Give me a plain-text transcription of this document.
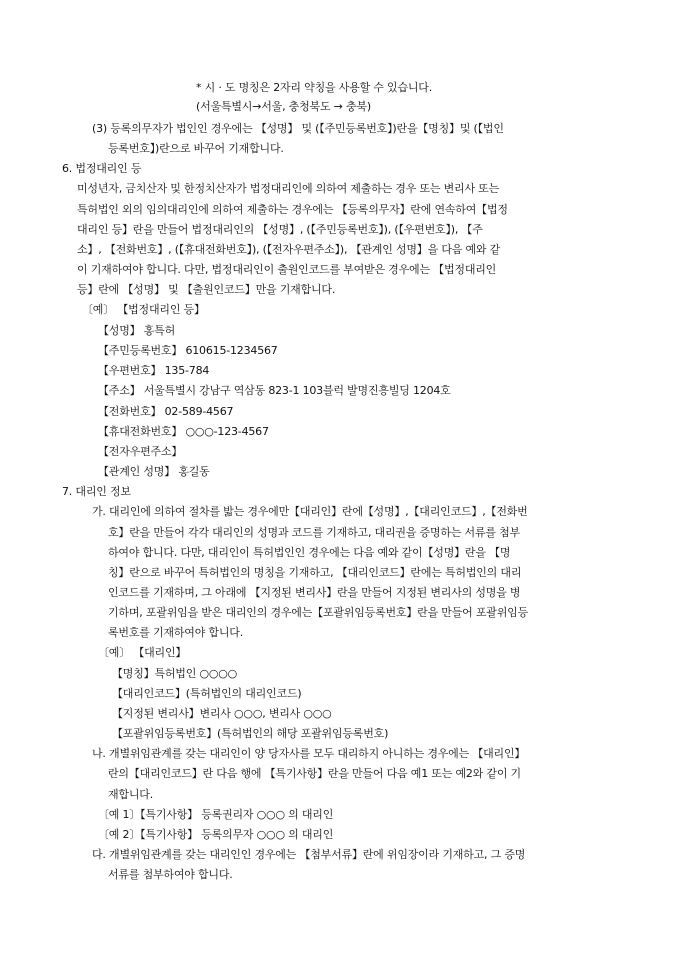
* 시 · 도 명칭은 2자리 약칭을 사용할 수 있습니다.
(서울특별시→서울, 충청북도 → 충북)
(3) 등록의무자가 법인인 경우에는 【성명】 및 (【주민등록번호】)란을【명칭】및 (【법인
등록번호】)란으로 바꾸어 기재합니다.
6. 법정대리인 등
미성년자, 금치산자 및 한정치산자가 법정대리인에 의하여 제출하는 경우 또는 변리사 또는
특허법인 외의 임의대리인에 의하여 제출하는 경우에는 【등록의무자】란에 연속하여【법정
대리인 등】란을 만들어 법정대리인의 【성명】, (【주민등록번호】), (【우편번호】), 【주
소】, 【전화번호】, (【휴대전화번호】), (【전자우편주소】), 【관계인 성명】을 다음 예와 같
이 기재하여야 합니다. 다만, 법정대리인이 출원인코드를 부여받은 경우에는 【법정대리인
등】란에 【성명】 및 【출원인코드】만을 기재합니다.
〔예〕 【법정대리인 등】
【성명】 홍특허
【주민등록번호】 610615-1234567
【우편번호】 135-784
【주소】 서울특별시 강남구 역삼동 823-1 103블럭 발명진흥빌딩 1204호
【전화번호】 02-589-4567
【휴대전화번호】 ○○○-123-4567
【전자우편주소】
【관계인 성명】 홍길동
7. 대리인 정보
가. 대리인에 의하여 절차를 밟는 경우에만【대리인】란에【성명】,【대리인코드】,【전화번
호】란을 만들어 각각 대리인의 성명과 코드를 기재하고, 대리권을 증명하는 서류를 첨부
하여야 합니다. 다만, 대리인이 특허법인인 경우에는 다음 예와 같이【성명】란을 【명
칭】란으로 바꾸어 특허법인의 명칭을 기재하고, 【대리인코드】란에는 특허법인의 대리
인코드를 기재하며, 그 아래에 【지정된 변리사】란을 만들어 지정된 변리사의 성명을 병
기하며, 포괄위임을 받은 대리인의 경우에는【포괄위임등록번호】란을 만들어 포괄위임등
록번호를 기재하여야 합니다.
〔예〕 【대리인】
【명칭】특허법인 ○○○○
【대리인코드】(특허법인의 대리인코드)
【지정된 변리사】변리사 ○○○, 변리사 ○○○
【포괄위임등록번호】(특허법인의 해당 포괄위임등록번호)
나. 개별위임관계를 갖는 대리인이 양 당자사를 모두 대리하지 아니하는 경우에는 【대리인】
란의【대리인코드】란 다음 행에 【특기사항】란을 만들어 다음 예1 또는 예2와 같이 기
재합니다.
〔예 1〕【특기사항】 등록권리자 ○○○ 의 대리인
〔예 2〕【특기사항】 등록의무자 ○○○ 의 대리인
다. 개별위임관계를 갖는 대리인인 경우에는 【첨부서류】란에 위임장이라 기재하고, 그 증명
서류를 첨부하여야 합니다.
